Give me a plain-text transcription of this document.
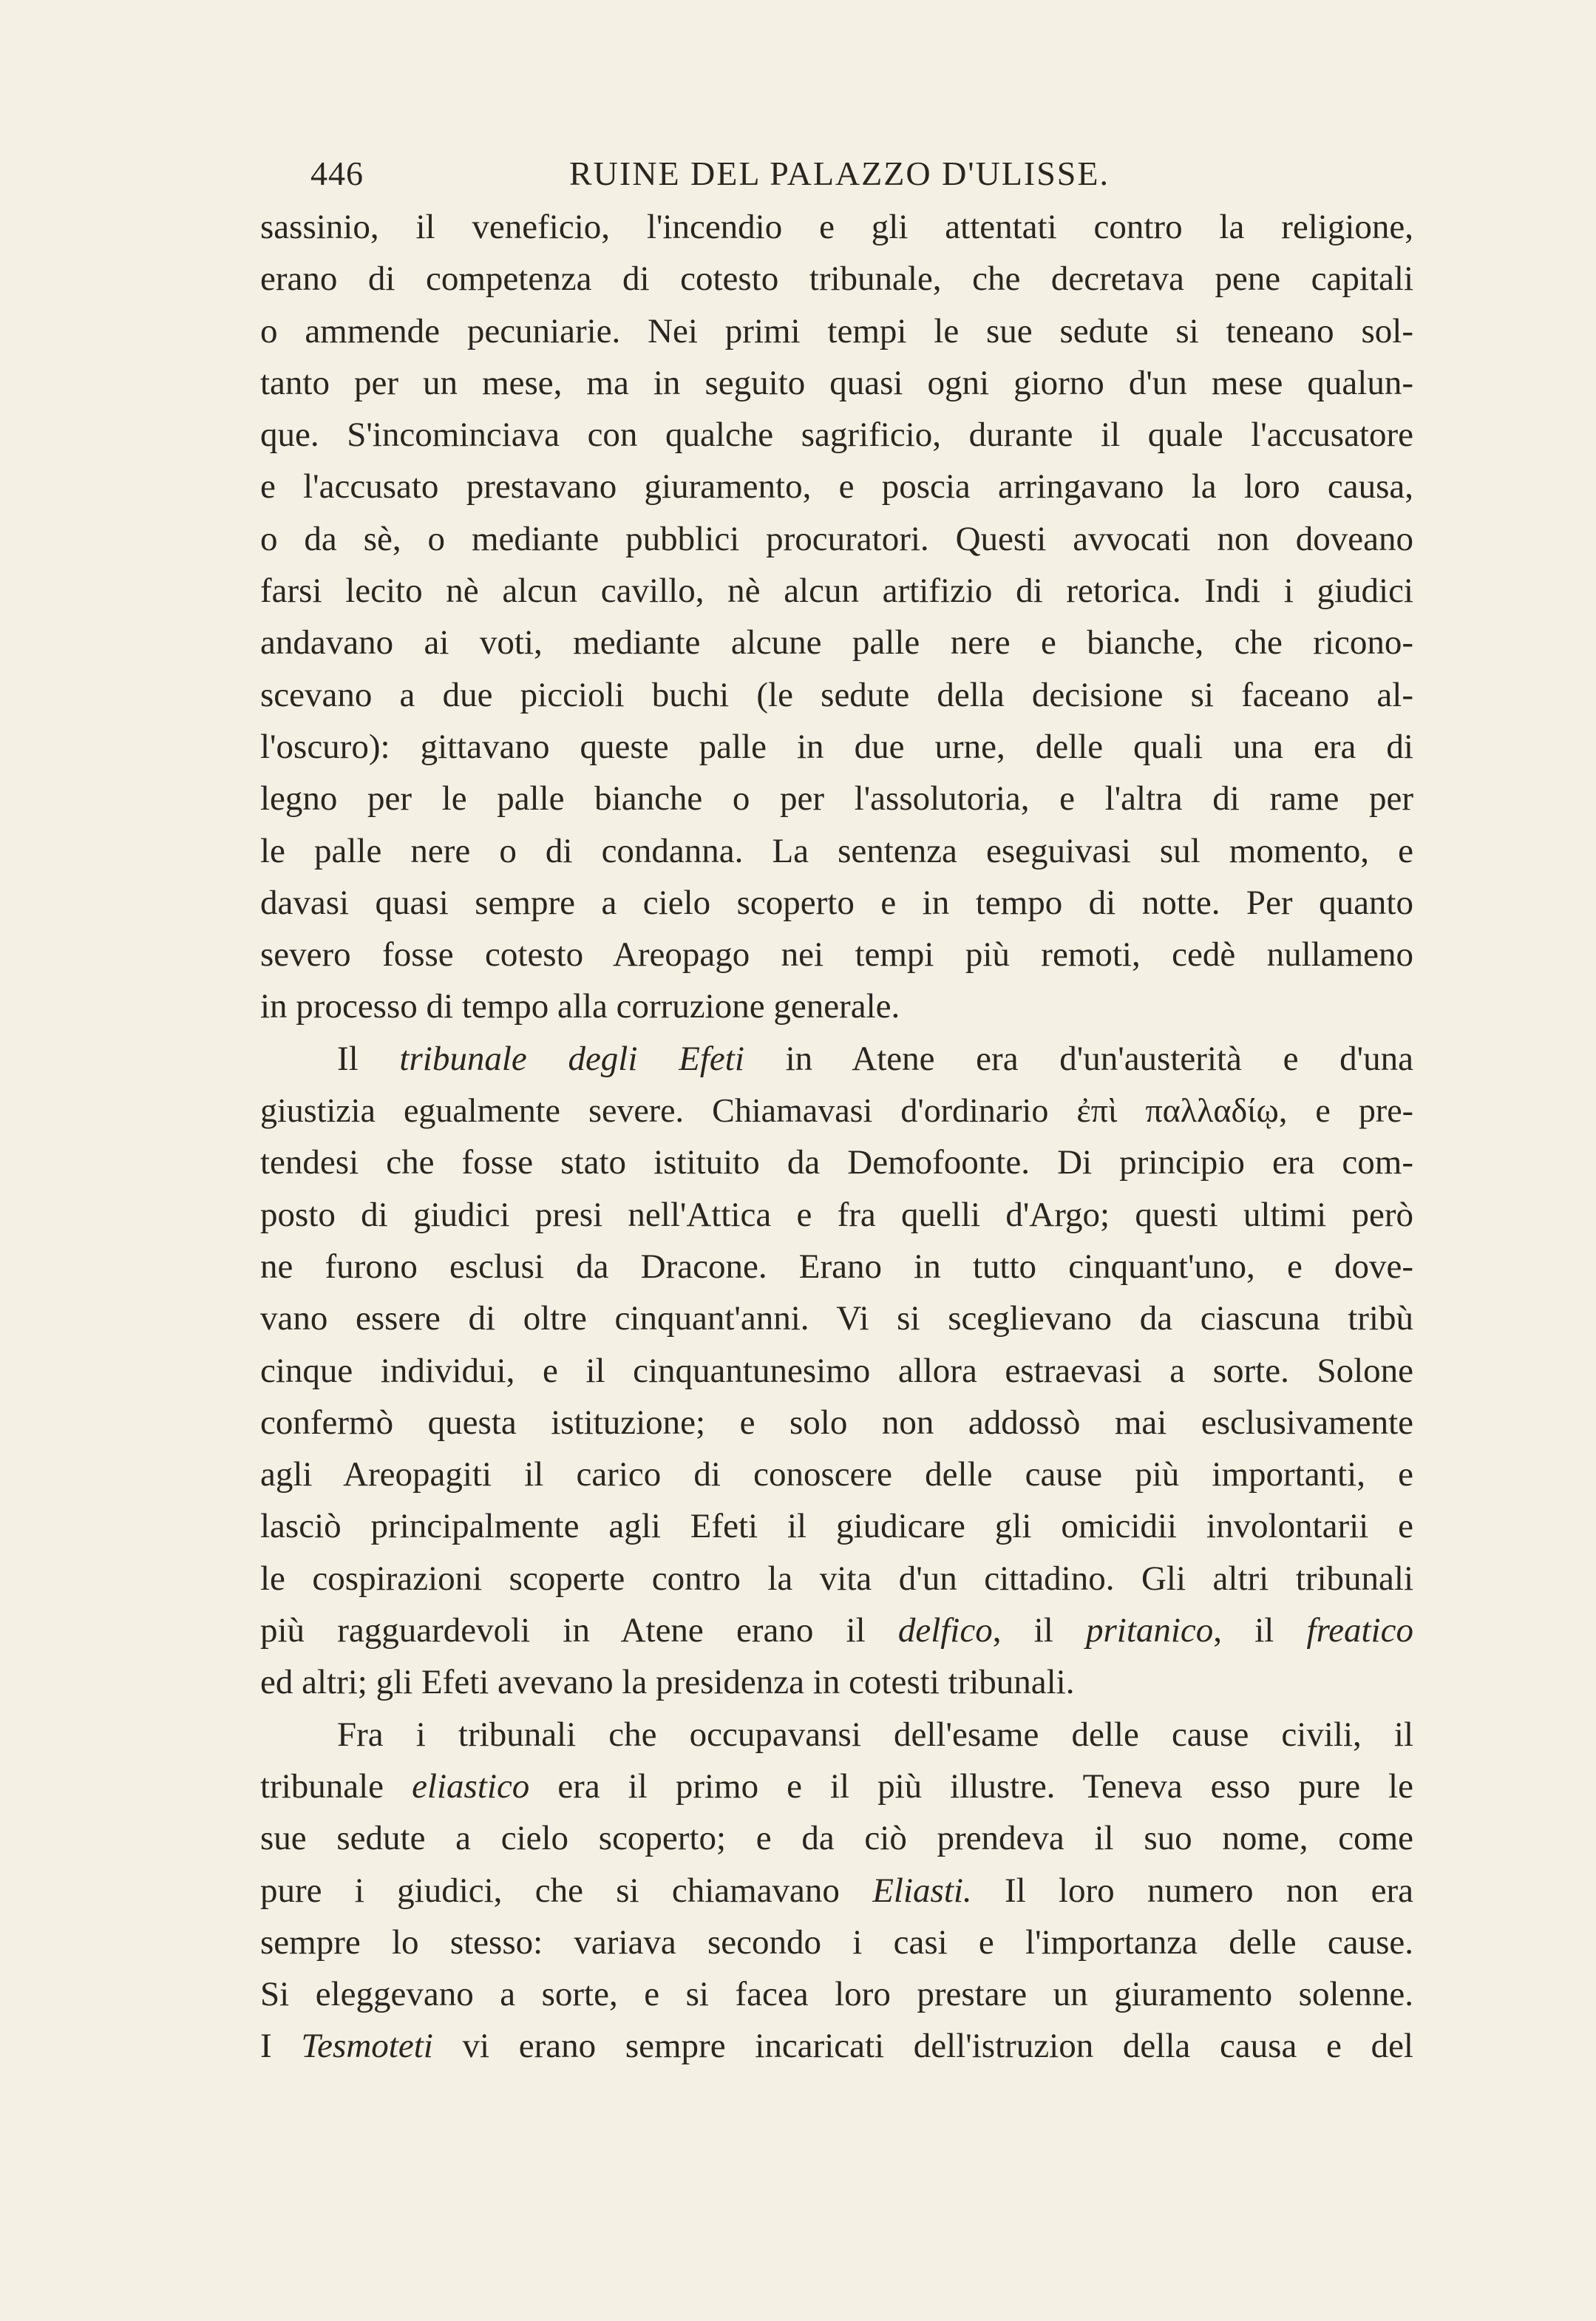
446	RUINE DEL PALAZZO D'ULISSE.
sassinio, il veneficio, l'incendio e gli attentati contro la religione,
erano di competenza di cotesto tribunale, che decretava pene capitali
o ammende pecuniarie. Nei primi tempi le sue sedute si teneano sol-
tanto per un mese, ma in seguito quasi ogni giorno d'un mese qualun-
que. S'incominciava con qualche sagrificio, durante il quale l'accusatore
e l'accusato prestavano giuramento, e poscia arringavano la loro causa,
o da sè, o mediante pubblici procuratori. Questi avvocati non doveano
farsi lecito nè alcun cavillo, nè alcun artifizio di retorica. Indi i giudici
andavano ai voti, mediante alcune palle nere e bianche, che ricono-
scevano a due piccioli buchi (le sedute della decisione si faceano al-
l'oscuro): gittavano queste palle in due urne, delle quali una era di
legno per le palle bianche o per l'assolutoria, e l'altra di rame per
le palle nere o di condanna. La sentenza eseguivasi sul momento, e
davasi quasi sempre a cielo scoperto e in tempo di notte. Per quanto
severo fosse cotesto Areopago nei tempi più remoti, cedè nullameno
in processo di tempo alla corruzione generale.
Il tribunale degli Efeti in Atene era d'un'austerità e d'una
giustizia egualmente severe. Chiamavasi d'ordinario ἐπὶ παλλαδίῳ, e pre-
tendesi che fosse stato istituito da Demofoonte. Di principio era com-
posto di giudici presi nell'Attica e fra quelli d'Argo; questi ultimi però
ne furono esclusi da Dracone. Erano in tutto cinquant'uno, e dove-
vano essere di oltre cinquant'anni. Vi si sceglievano da ciascuna tribù
cinque individui, e il cinquantunesimo allora estraevasi a sorte. Solone
confermò questa istituzione; e solo non addossò mai esclusivamente
agli Areopagiti il carico di conoscere delle cause più importanti, e
lasciò principalmente agli Efeti il giudicare gli omicidii involontarii e
le cospirazioni scoperte contro la vita d'un cittadino. Gli altri tribunali
più ragguardevoli in Atene erano il delfico, il pritanico, il freatico
ed altri; gli Efeti avevano la presidenza in cotesti tribunali.
Fra i tribunali che occupavansi dell'esame delle cause civili, il
tribunale eliastico era il primo e il più illustre. Teneva esso pure le
sue sedute a cielo scoperto; e da ciò prendeva il suo nome, come
pure i giudici, che si chiamavano Eliasti. Il loro numero non era
sempre lo stesso: variava secondo i casi e l'importanza delle cause.
Si eleggevano a sorte, e si facea loro prestare un giuramento solenne.
I Tesmoteti vi erano sempre incaricati dell'istruzion della causa e del
